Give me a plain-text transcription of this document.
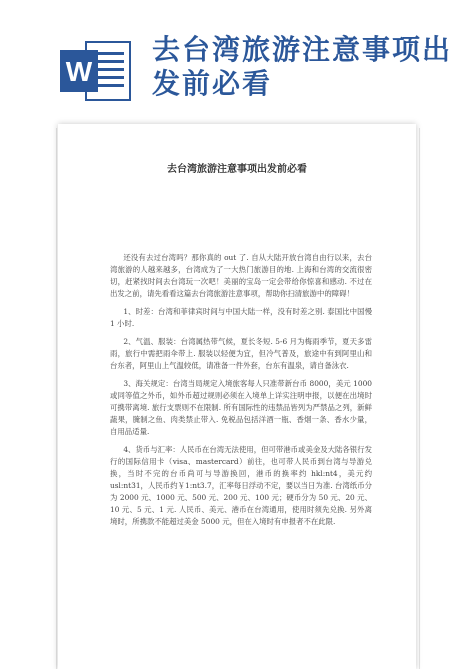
W
去台湾旅游注意事项出发前必看
去台湾旅游注意事项出发前必看

还没有去过台湾吗？那你真的 out 了. 自从大陆开放台湾自由行以来，去台湾旅游的人越来越多，台湾成为了一大热门旅游目的地. 上海和台湾的交流很密切，赶紧找时间去台湾玩一次吧！美丽的宝岛一定会带给你惊喜和感动. 不过在出发之前，请先看看这篇去台湾旅游注意事项，帮助你扫清旅游中的障碍！

1、时差：台湾和菲律宾时间与中国大陆一样，没有时差之别. 泰国比中国慢 1 小时.

2、气温、服装：台湾属热带气候，夏长冬短. 5-6 月为梅雨季节，夏天多雷雨，旅行中需把雨伞带上. 服装以轻便为宜，但冷气普及，旅途中有到阿里山和台东者，阿里山上气温较低，请准备一件外套，台东有温泉，请自备泳衣.

3、海关规定：台湾当局规定入境旅客每人只准带新台币 8000，美元 1000 或同等值之外币，如外币超过规则必须在入境单上详实注明申报，以便在出境时可携带离境. 旅行支票则不在限制. 所有国际性的违禁品皆列为严禁品之列，新鲜蔬果，腌制之鱼、肉类禁止带入. 免税品包括洋酒一瓶、香烟一条、香水少量，自用品适量.

4、货币与汇率：人民币在台湾无法使用，但可带港币或美金及大陆各银行发行的国际信用卡（visa、mastercard）前往，也可带人民币到台湾与导游兑换，当时不完的台币尚可与导游换回，港币的换率约 hkl:nt4，美元约 usl:nt31，人民币约￥1:nt3.7，汇率每日浮动不定，要以当日为准. 台湾纸币分为 2000 元、1000 元、500 元、200 元、100 元；硬币分为 50 元、20 元、10 元、5 元、1 元. 人民币、美元、港币在台湾通用，使用时须先兑换. 另外离境时，所携款不能超过美金 5000 元，但在入境时有申报者不在此限.
